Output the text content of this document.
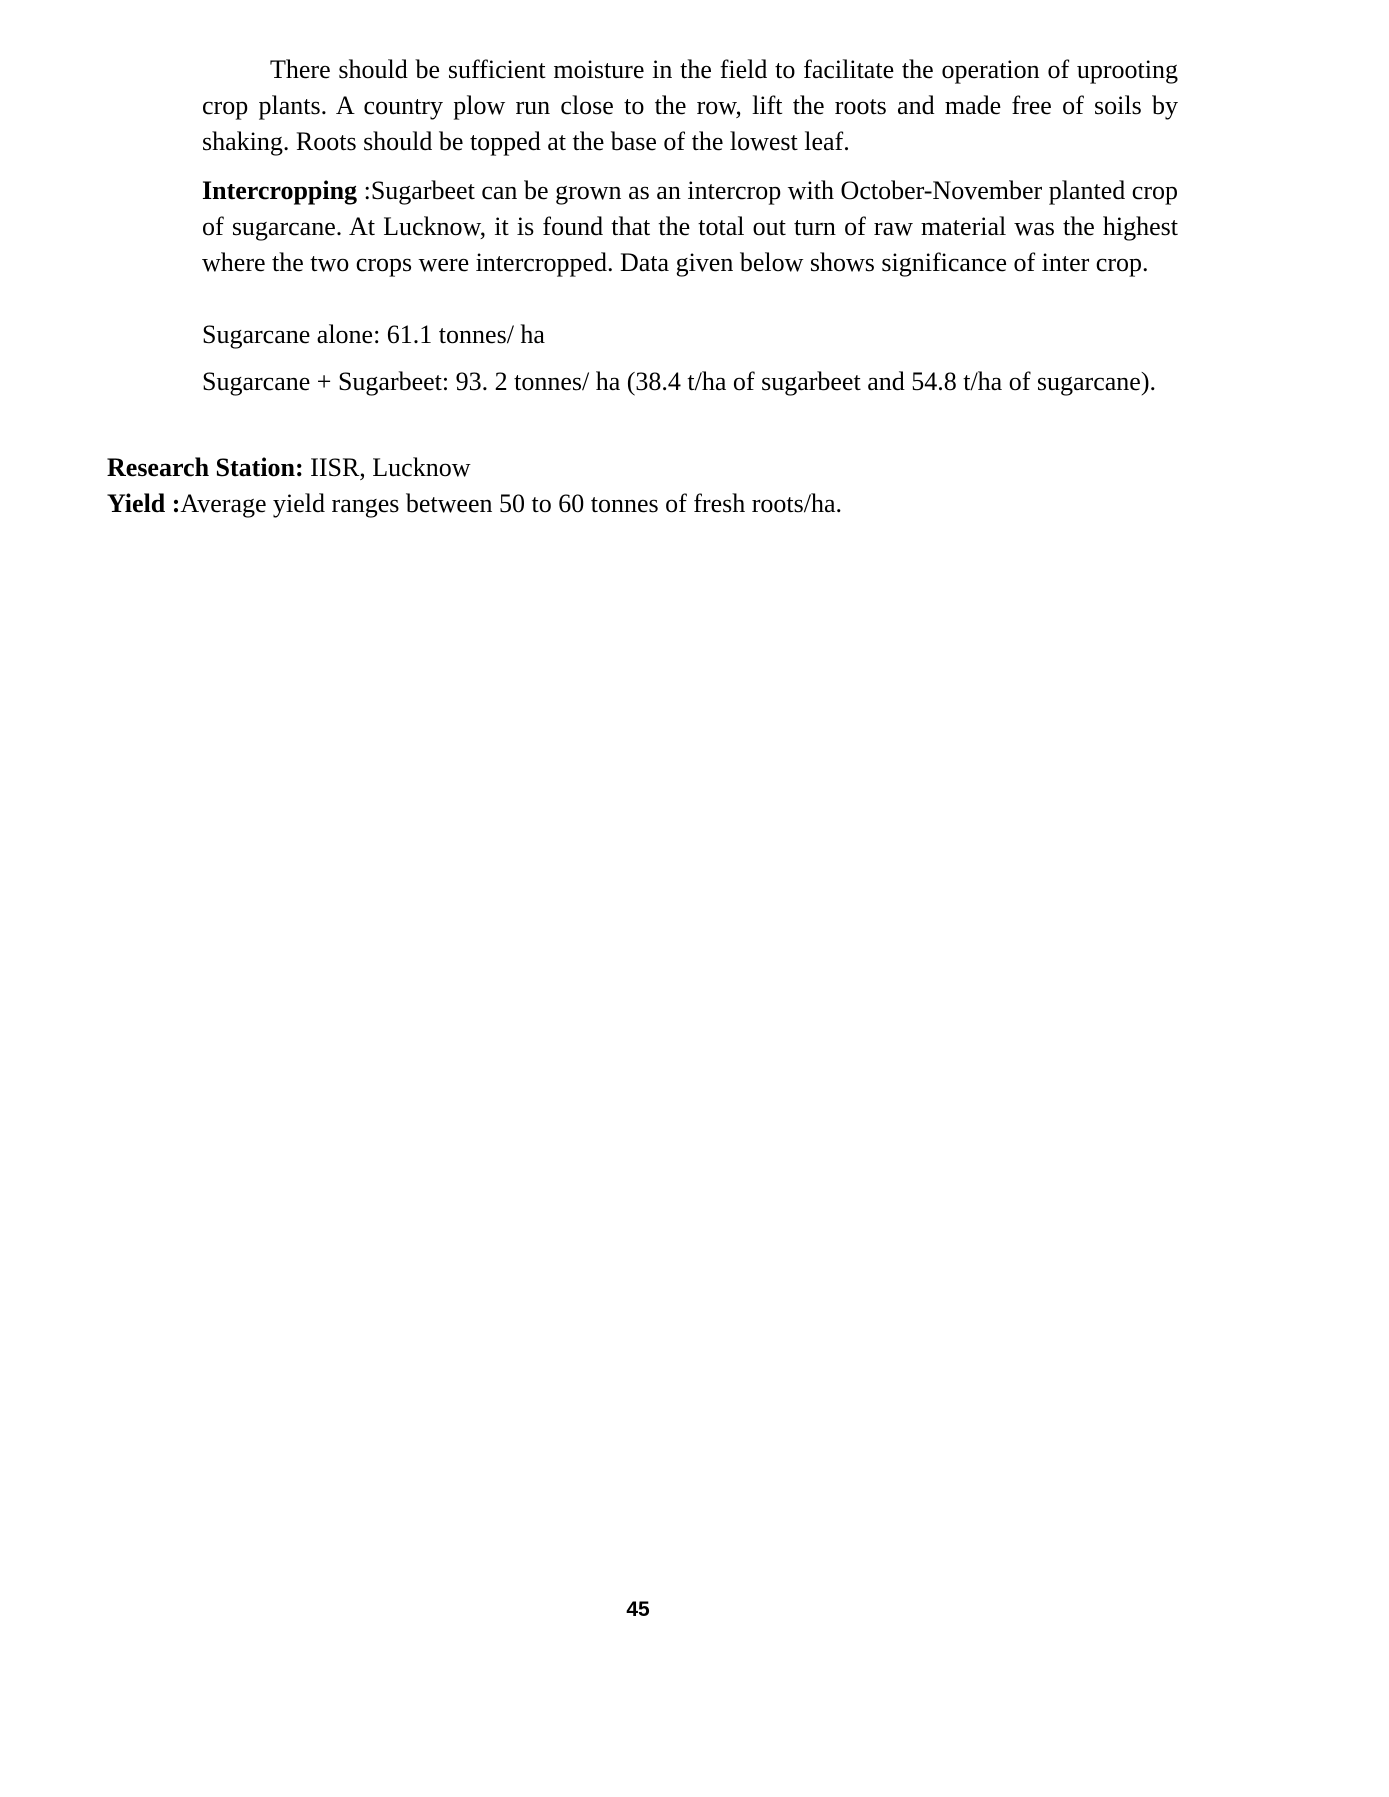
There should be sufficient moisture in the field to facilitate the operation of uprooting crop plants. A country plow run close to the row, lift the roots and made free of soils by shaking. Roots should be topped at the base of the lowest leaf.

Intercropping :Sugarbeet can be grown as an intercrop with October-November planted crop of sugarcane. At Lucknow, it is found that the total out turn of raw material was the highest where the two crops were intercropped. Data given below shows significance of inter crop.

Sugarcane alone: 61.1 tonnes/ ha

Sugarcane + Sugarbeet: 93. 2 tonnes/ ha (38.4 t/ha of sugarbeet and 54.8 t/ha of sugarcane).

Research Station: IISR, Lucknow

Yield :Average yield ranges between 50 to 60 tonnes of fresh roots/ha.

45
